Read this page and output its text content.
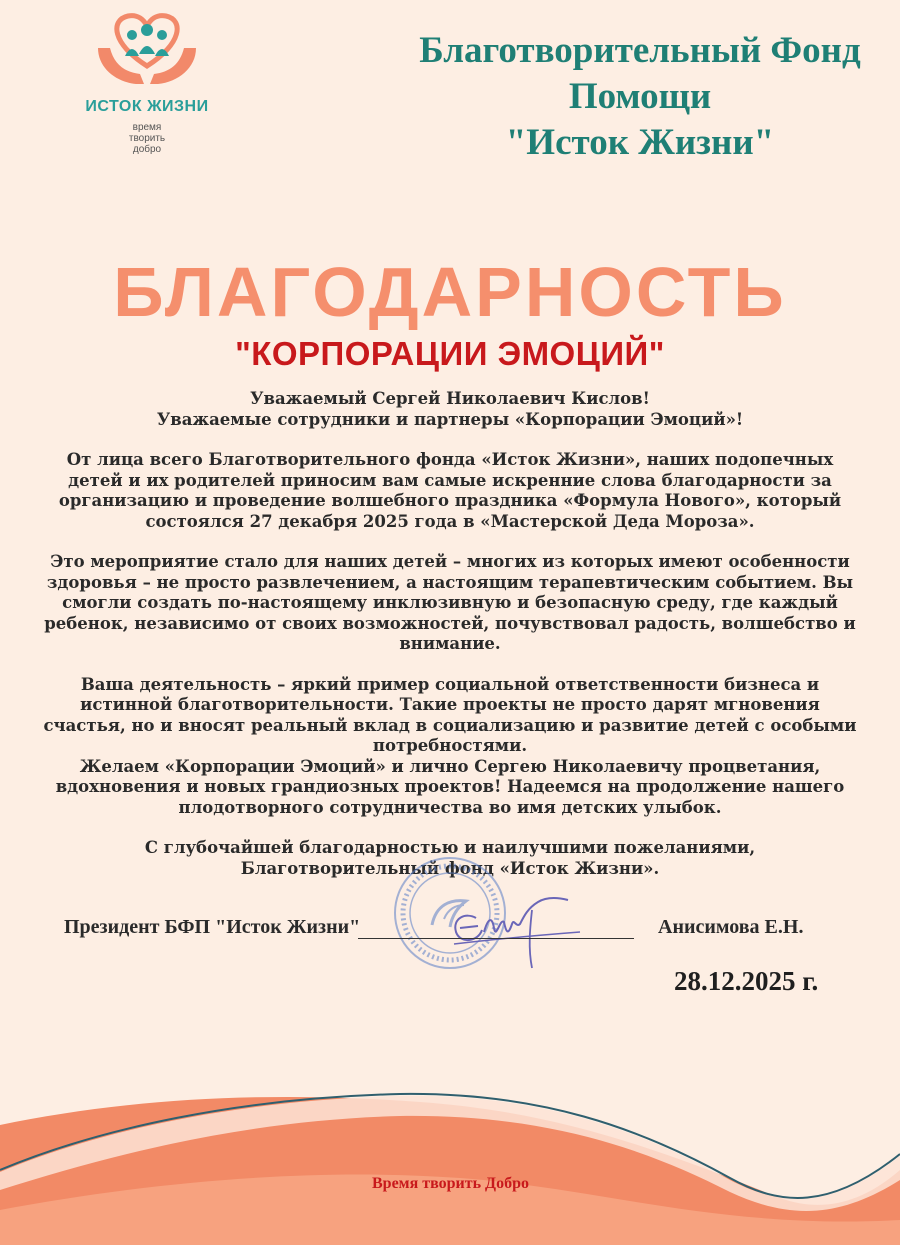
ИСТОК ЖИЗНИ
время
творить
добро
Благотворительный Фонд
Помощи
"Исток Жизни"
БЛАГОДАРНОСТЬ
"КОРПОРАЦИИ ЭМОЦИЙ"

Уважаемый Сергей Николаевич Кислов!

Уважаемые сотрудники и партнеры «Корпорации Эмоций»!

От лица всего Благотворительного фонда «Исток Жизни», наших подопечных

детей и их родителей приносим вам самые искренние слова благодарности за

организацию и проведение волшебного праздника «Формула Нового», который

состоялся 27 декабря 2025 года в «Мастерской Деда Мороза».

Это мероприятие стало для наших детей – многих из которых имеют особенности

здоровья – не просто развлечением, а настоящим терапевтическим событием. Вы

смогли создать по-настоящему инклюзивную и безопасную среду, где каждый

ребенок, независимо от своих возможностей, почувствовал радость, волшебство и

внимание.

Ваша деятельность – яркий пример социальной ответственности бизнеса и

истинной благотворительности. Такие проекты не просто дарят мгновения

счастья, но и вносят реальный вклад в социализацию и развитие детей с особыми

потребностями.

Желаем «Корпорации Эмоций» и лично Сергею Николаевичу процветания,

вдохновения и новых грандиозных проектов! Надеемся на продолжение нашего

плодотворного сотрудничества во имя детских улыбок.

С глубочайшей благодарностью и наилучшими пожеланиями,

Благотворительный фонд «Исток Жизни».

Президент БФП "Исток Жизни"	Анисимова Е.Н.
28.12.2025 г.
Время творить Добро
